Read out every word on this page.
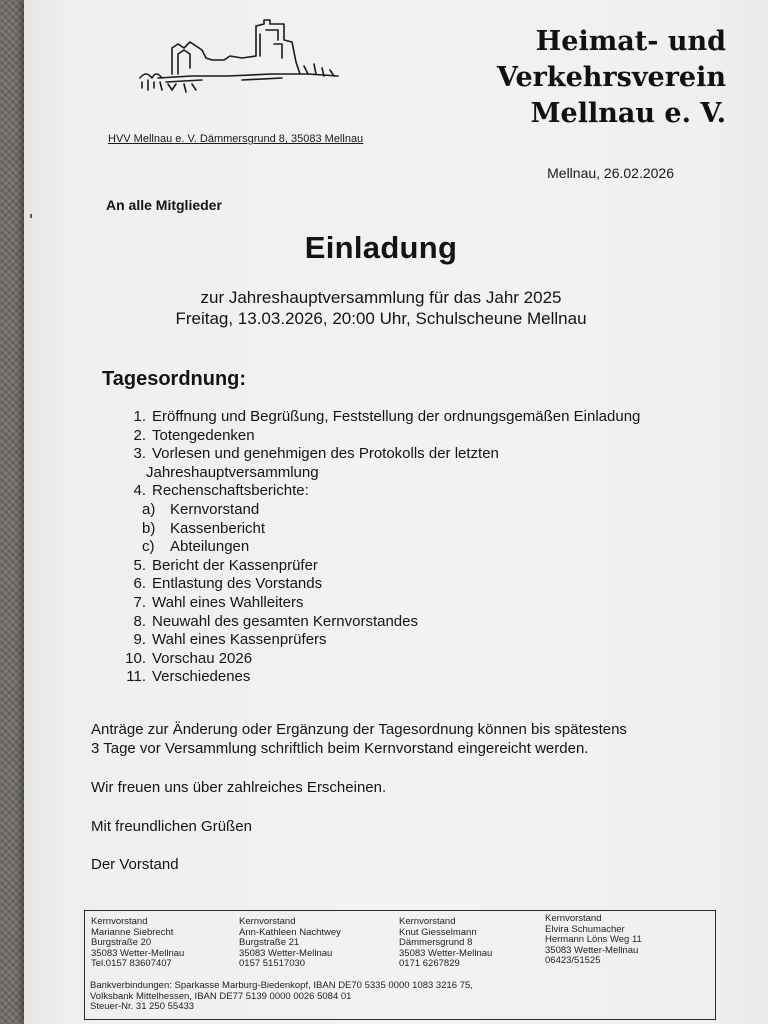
Heimat- und
Verkehrsverein
Mellnau e. V.
HVV Mellnau e. V. Dämmersgrund 8, 35083 Mellnau
Mellnau, 26.02.2026
An alle Mitglieder
Einladung
zur Jahreshauptversammlung für das Jahr 2025
Freitag, 13.03.2026, 20:00 Uhr, Schulscheune Mellnau
Tagesordnung:
1. Eröffnung und Begrüßung, Feststellung der ordnungsgemäßen Einladung
2. Totengedenken
3. Vorlesen und genehmigen des Protokolls der letzten
Jahreshauptversammlung
4. Rechenschaftsberichte:
a) Kernvorstand
b) Kassenbericht
c)	Abteilungen
5. Bericht der Kassenprüfer
6. Entlastung des Vorstands
7. Wahl eines Wahlleiters
8. Neuwahl des gesamten Kernvorstandes
9. Wahl eines Kassenprüfers
10. Vorschau 2026
11. Verschiedenes
Anträge zur Änderung oder Ergänzung der Tagesordnung können bis spätestens
3 Tage vor Versammlung schriftlich beim Kernvorstand eingereicht werden.
Wir freuen uns über zahlreiches Erscheinen.
Mit freundlichen Grüßen
Der Vorstand
Kernvorstand
Marianne Siebrecht
Burgstraße 20
35083 Wetter-Mellnau
Tel.0157 83607407
Kernvorstand
Ann-Kathleen Nachtwey
Burgstraße 21
35083 Wetter-Mellnau
0157 51517030
Kernvorstand
Knut Giesselmann
Dämmersgrund 8
35083 Wetter-Mellnau
0171 6267829
Kernvorstand
Elvira Schumacher
Hermann Löns Weg 11
35083 Wetter-Mellnau
06423/51525
Bankverbindungen: Sparkasse Marburg-Biedenkopf, IBAN DE70 5335 0000 1083 3216 75,
Volksbank Mittelhessen, IBAN DE77 5139 0000 0026 5084 01
Steuer-Nr. 31 250 55433
